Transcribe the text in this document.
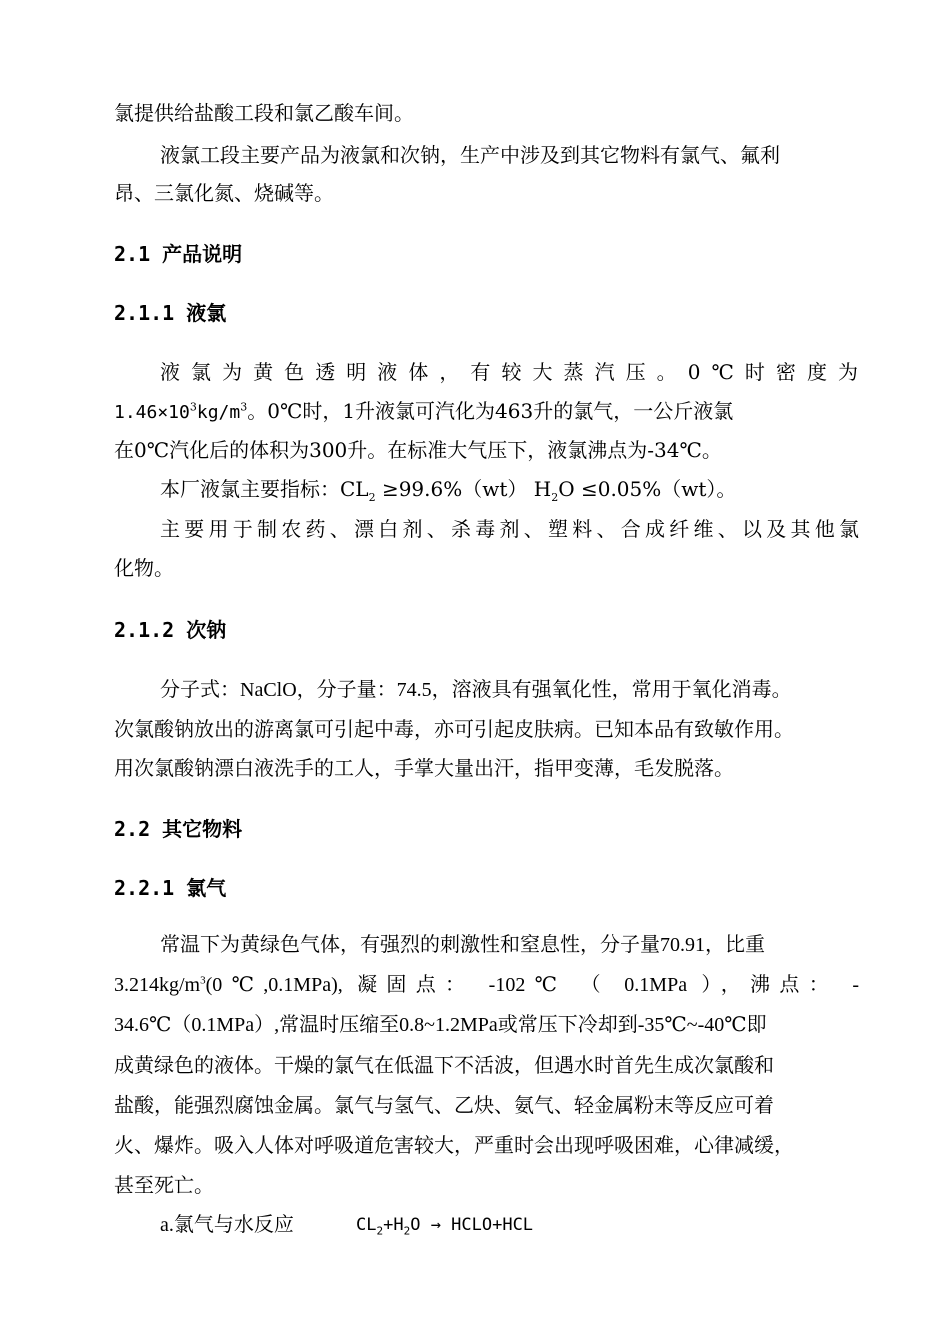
氯提供给盐酸工段和氯乙酸车间。
液氯工段主要产品为液氯和次钠，生产中涉及到其它物料有氯气、氟利
昂、三氯化氮、烧碱等。
2.1 产品说明
2.1.1 液氯
液氯为黄色透明液体，有较大蒸汽压。0℃时密度为
$1.46\times 10^3kg/m^3$。0℃时，1升液氯可汽化为463升的氯气，一公斤液氯
在0℃汽化后的体积为300升。在标准大气压下，液氯沸点为-34℃。
本厂液氯主要指标：$CL_2 \ge 99.6\%(wt)$ $H_2O \le 0.05\%(wt)$。
主要用于制农药、漂白剂、杀毒剂、塑料、合成纤维、以及其他氯
化物。
2.1.2 次钠
分子式：NaClO，分子量：74.5，溶液具有强氧化性，常用于氧化消毒。
次氯酸钠放出的游离氯可引起中毒，亦可引起皮肤病。已知本品有致敏作用。
用次氯酸钠漂白液洗手的工人，手掌大量出汗，指甲变薄，毛发脱落。
2.2 其它物料
2.2.1 氯气
常温下为黄绿色气体，有强烈的刺激性和窒息性，分子量70.91，比重
$3.214kg/m^3(0℃,0.1MPa)$, 凝固点： -102℃ （ 0.1MPa ），沸点： -
34.6℃（0.1MPa）,常温时压缩至0.8~1.2MPa或常压下冷却到-35℃~-40℃即
成黄绿色的液体。干燥的氯气在低温下不活波，但遇水时首先生成次氯酸和
盐酸，能强烈腐蚀金属。氯气与氢气、乙炔、氨气、轻金属粉末等反应可着
火、爆炸。吸入人体对呼吸道危害较大，严重时会出现呼吸困难，心律减缓，
甚至死亡。
a.氯气与水反应	$CL_2+H_2O$ → HCLO+HCL
